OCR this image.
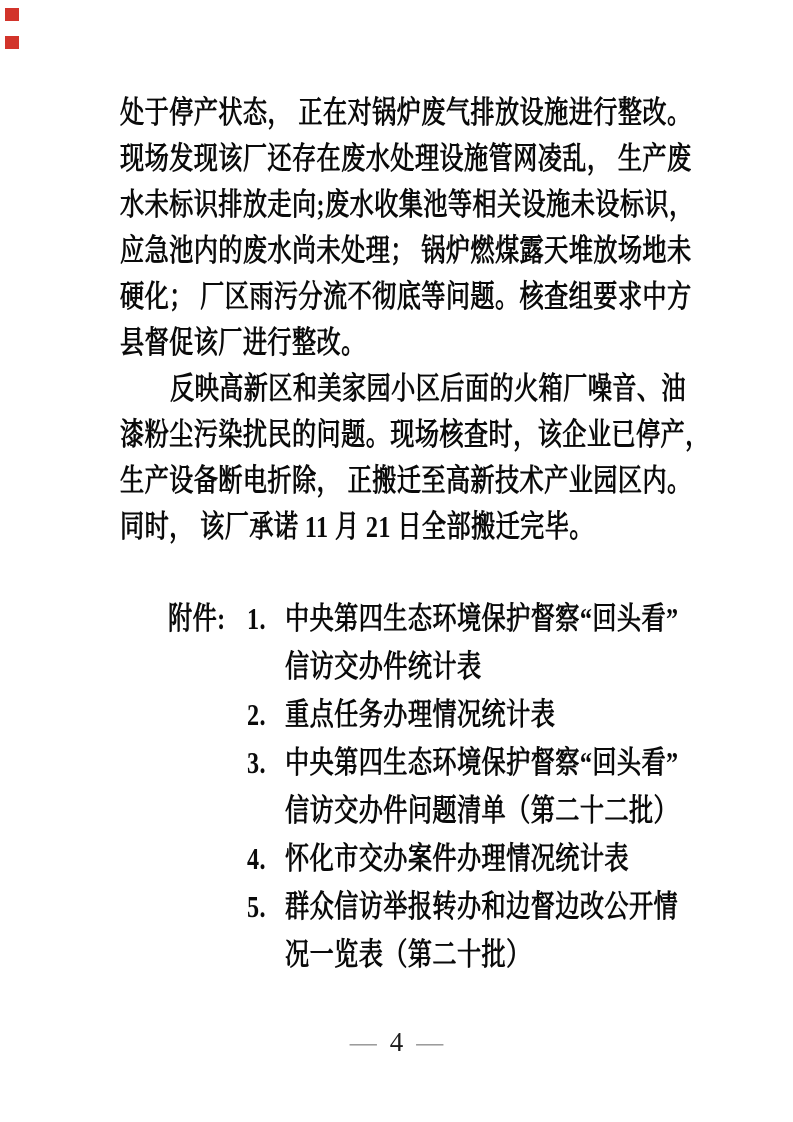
处于停产状态， 正在对锅炉废气排放设施进行整改。
现场发现该厂还存在废水处理设施管网凌乱， 生产废
水未标识排放走向;废水收集池等相关设施未设标识，
应急池内的废水尚未处理； 锅炉燃煤露天堆放场地未
硬化； 厂区雨污分流不彻底等问题。核查组要求中方
县督促该厂进行整改。
反映高新区和美家园小区后面的火箱厂噪音、油
漆粉尘污染扰民的问题。现场核查时，该企业已停产，
生产设备断电折除， 正搬迁至高新技术产业园区内。
同时， 该厂承诺 11 月 21 日全部搬迁完毕。
附件: 1. 中央第四生态环境保护督察“回头看”
信访交办件统计表
2. 重点任务办理情况统计表
3. 中央第四生态环境保护督察“回头看”
信访交办件问题清单（第二十二批）
4. 怀化市交办案件办理情况统计表
5. 群众信访举报转办和边督边改公开情
况一览表（第二十批）
— 4 —
